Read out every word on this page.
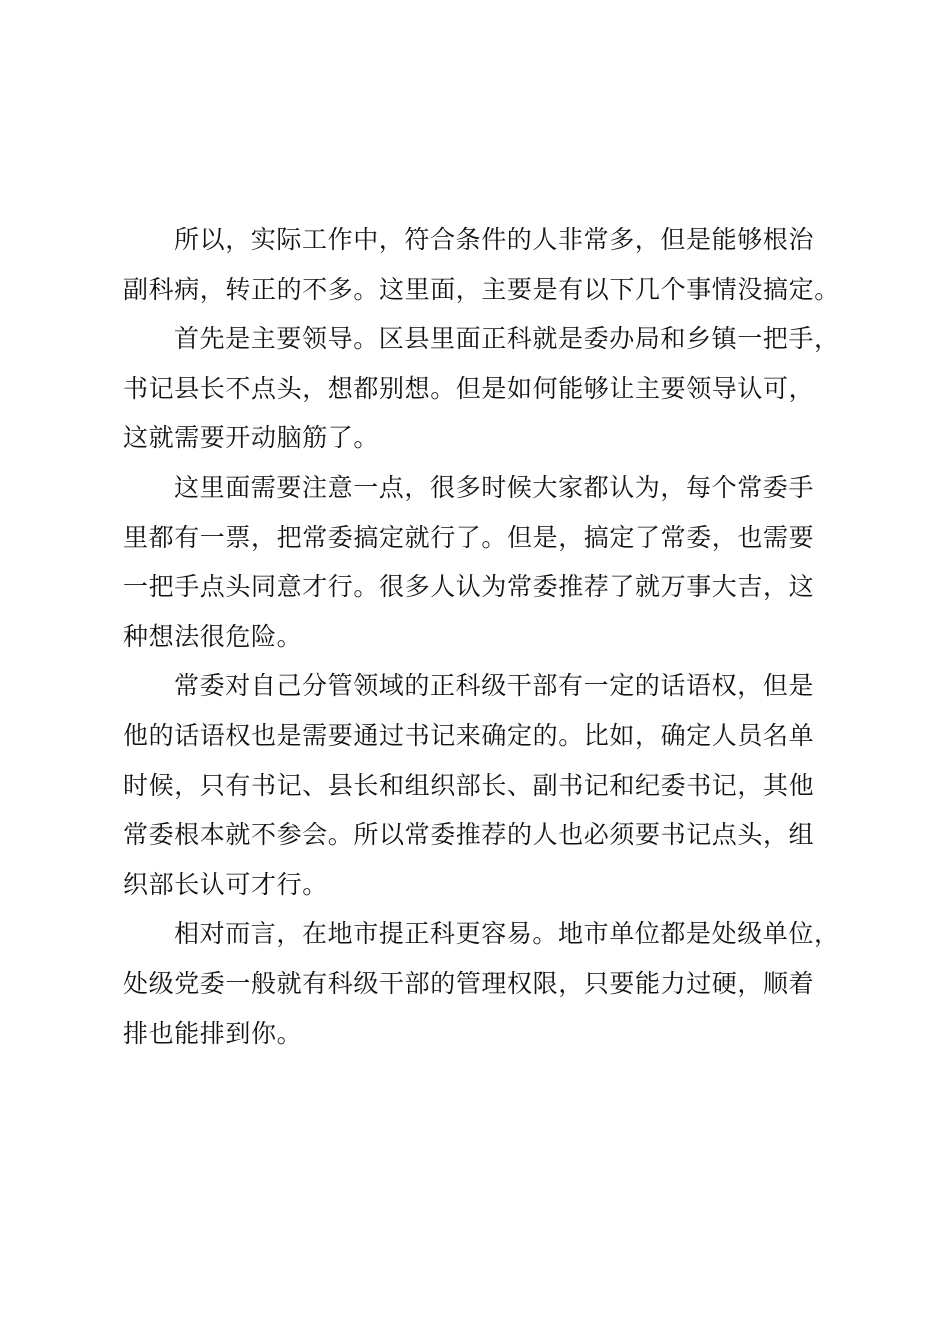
所以，实际工作中，符合条件的人非常多，但是能够根治
副科病，转正的不多。这里面，主要是有以下几个事情没搞定。
首先是主要领导。区县里面正科就是委办局和乡镇一把手，
书记县长不点头，想都别想。但是如何能够让主要领导认可，
这就需要开动脑筋了。
这里面需要注意一点，很多时候大家都认为，每个常委手
里都有一票，把常委搞定就行了。但是，搞定了常委，也需要
一把手点头同意才行。很多人认为常委推荐了就万事大吉，这
种想法很危险。
常委对自己分管领域的正科级干部有一定的话语权，但是
他的话语权也是需要通过书记来确定的。比如，确定人员名单
时候，只有书记、县长和组织部长、副书记和纪委书记，其他
常委根本就不参会。所以常委推荐的人也必须要书记点头，组
织部长认可才行。
相对而言，在地市提正科更容易。地市单位都是处级单位，
处级党委一般就有科级干部的管理权限，只要能力过硬，顺着
排也能排到你。
